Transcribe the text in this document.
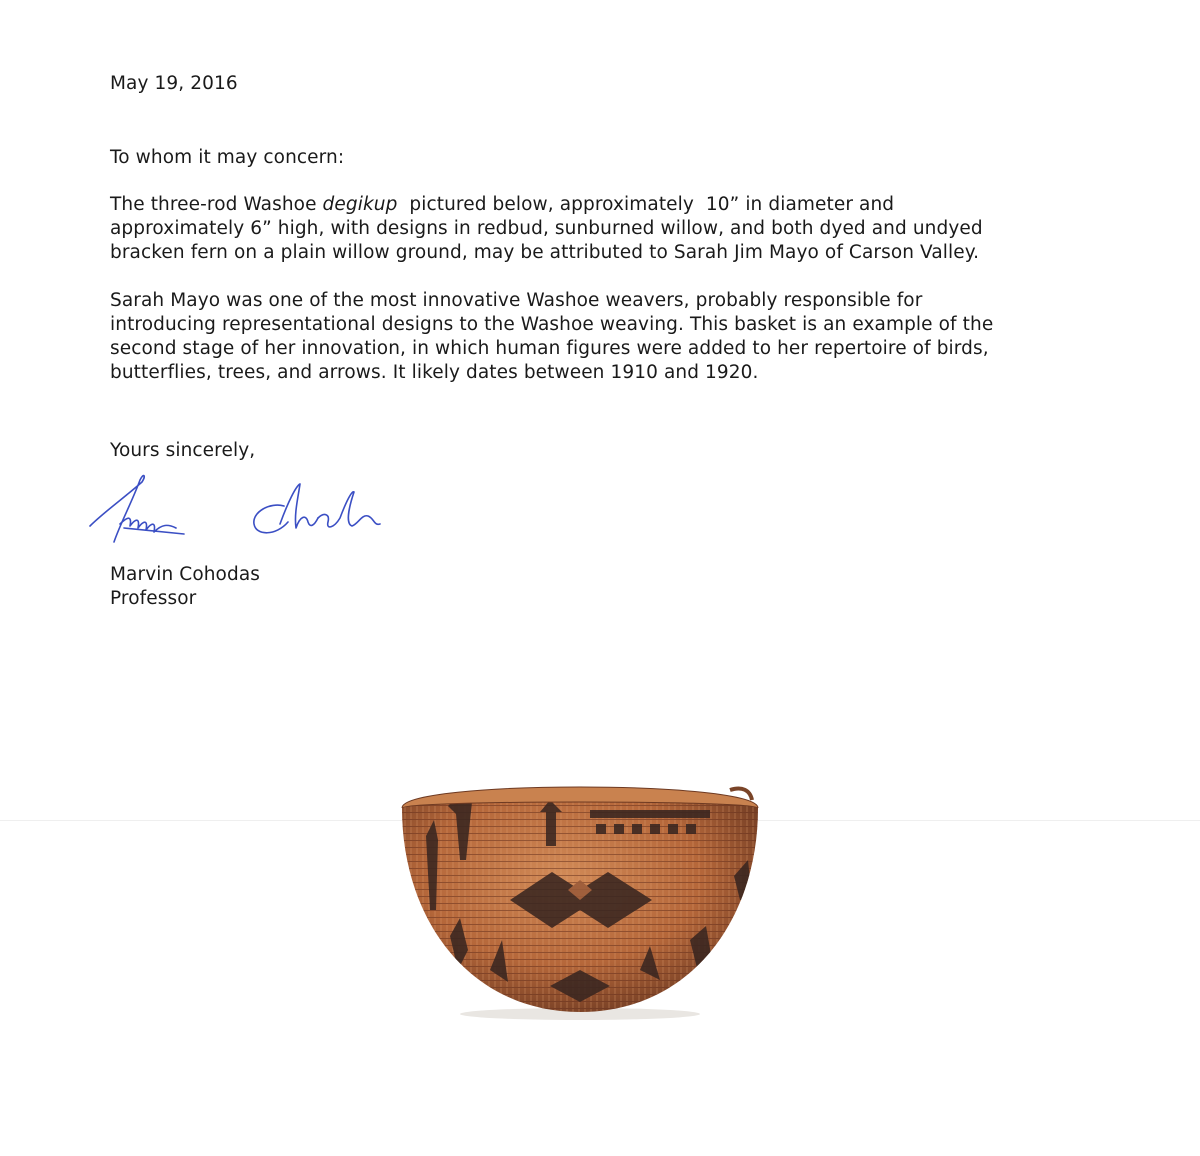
May 19, 2016
To whom it may concern:
The three-rod Washoe degikup  pictured below, approximately  10” in diameter and
approximately 6” high, with designs in redbud, sunburned willow, and both dyed and undyed
bracken fern on a plain willow ground, may be attributed to Sarah Jim Mayo of Carson Valley.
Sarah Mayo was one of the most innovative Washoe weavers, probably responsible for
introducing representational designs to the Washoe weaving. This basket is an example of the
second stage of her innovation, in which human figures were added to her repertoire of birds,
butterflies, trees, and arrows. It likely dates between 1910 and 1920.
Yours sincerely,
Marvin Cohodas
Professor
